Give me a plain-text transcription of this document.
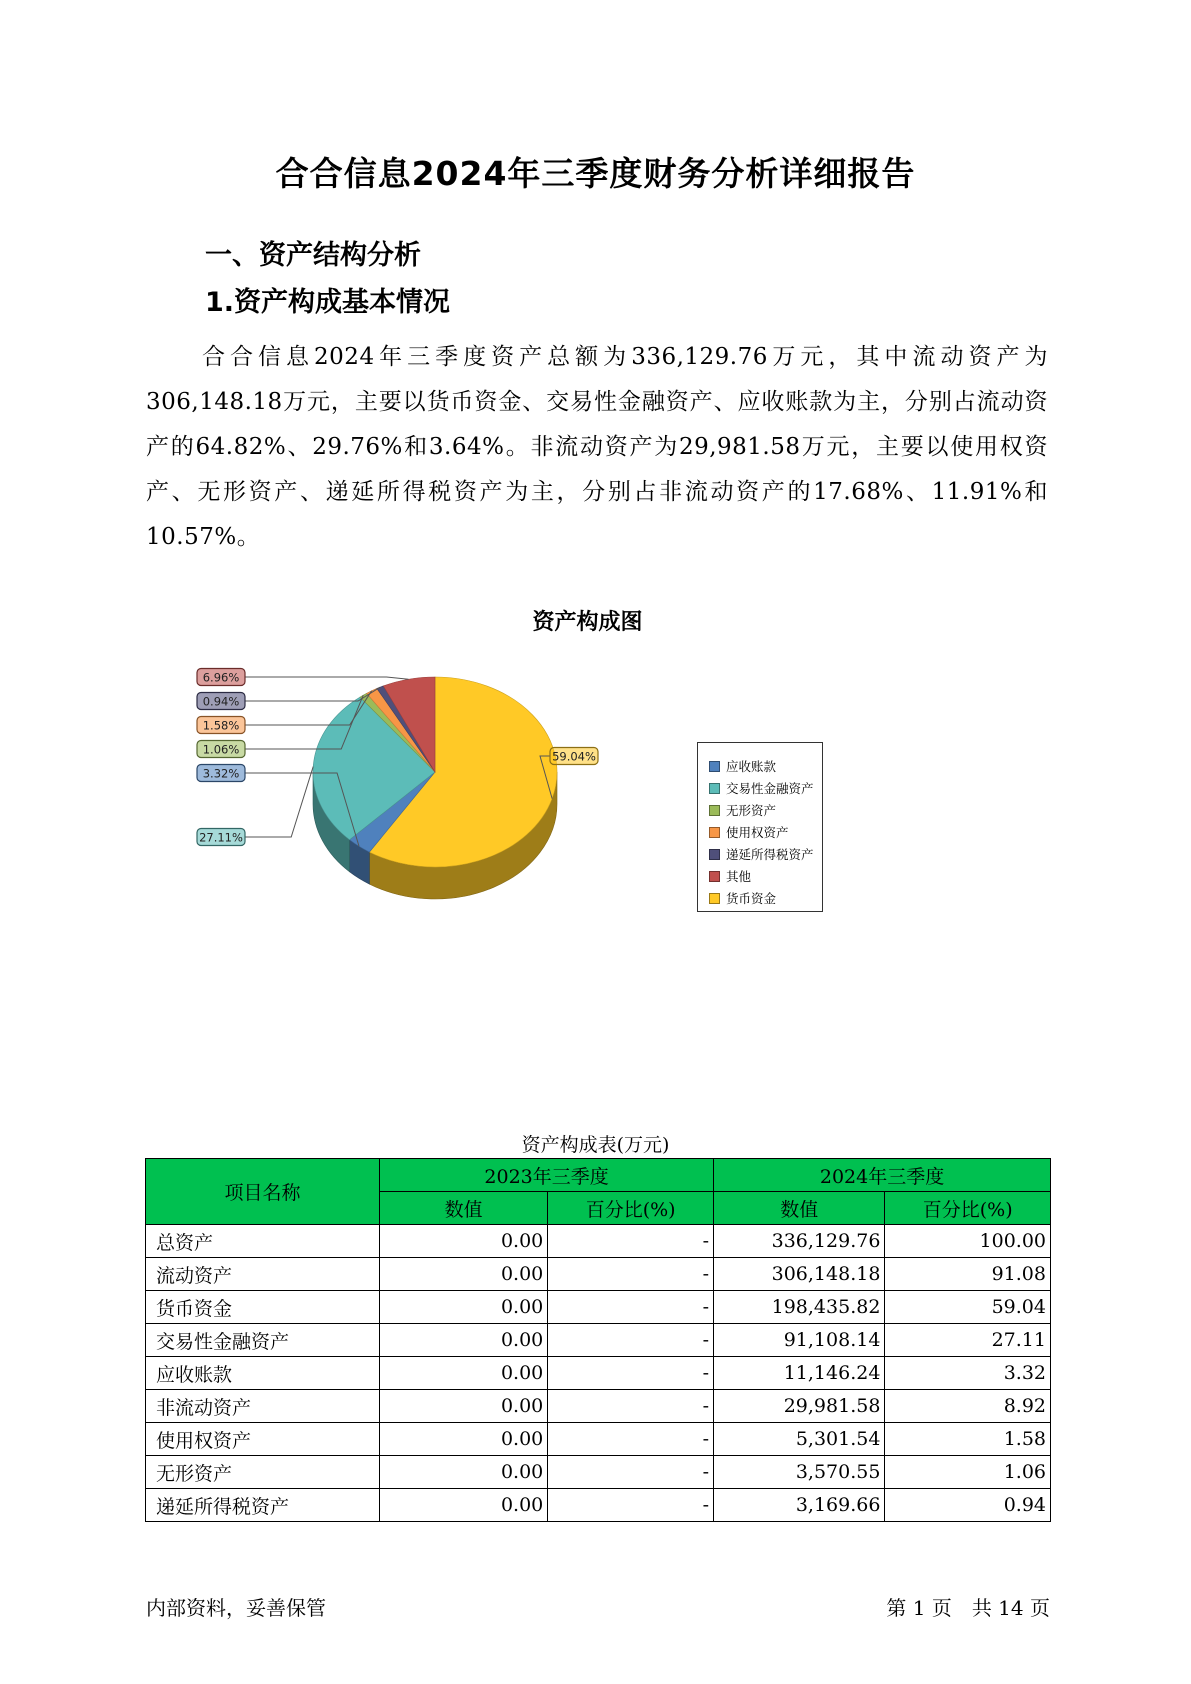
合合信息2024年三季度财务分析详细报告
一、资产结构分析
1.资产构成基本情况
合合信息2024年三季度资产总额为336,129.76万元，其中流动资产为306,148.18万元，主要以货币资金、交易性金融资产、应收账款为主，分别占流动资产的64.82%、29.76%和3.64%。非流动资产为29,981.58万元，主要以使用权资产、无形资产、递延所得税资产为主，分别占非流动资产的17.68%、11.91%和10.57%。
资产构成图
6.96%
0.94%
1.58%
1.06%
3.32%
27.11%
59.04%
应收账款
交易性金融资产
无形资产
使用权资产
递延所得税资产
其他
货币资金
资产构成表(万元)
项目名称	2023年三季度		2024年三季度	
	数值	百分比(%)	数值	百分比(%)
总资产	0.00	-	336,129.76	100.00
流动资产	0.00	-	306,148.18	91.08
货币资金	0.00	-	198,435.82	59.04
交易性金融资产	0.00	-	91,108.14	27.11
应收账款	0.00	-	11,146.24	3.32
非流动资产	0.00	-	29,981.58	8.92
使用权资产	0.00	-	5,301.54	1.58
无形资产	0.00	-	3,570.55	1.06
递延所得税资产	0.00	-	3,169.66	0.94
内部资料，妥善保管	第 1 页　共 14 页
